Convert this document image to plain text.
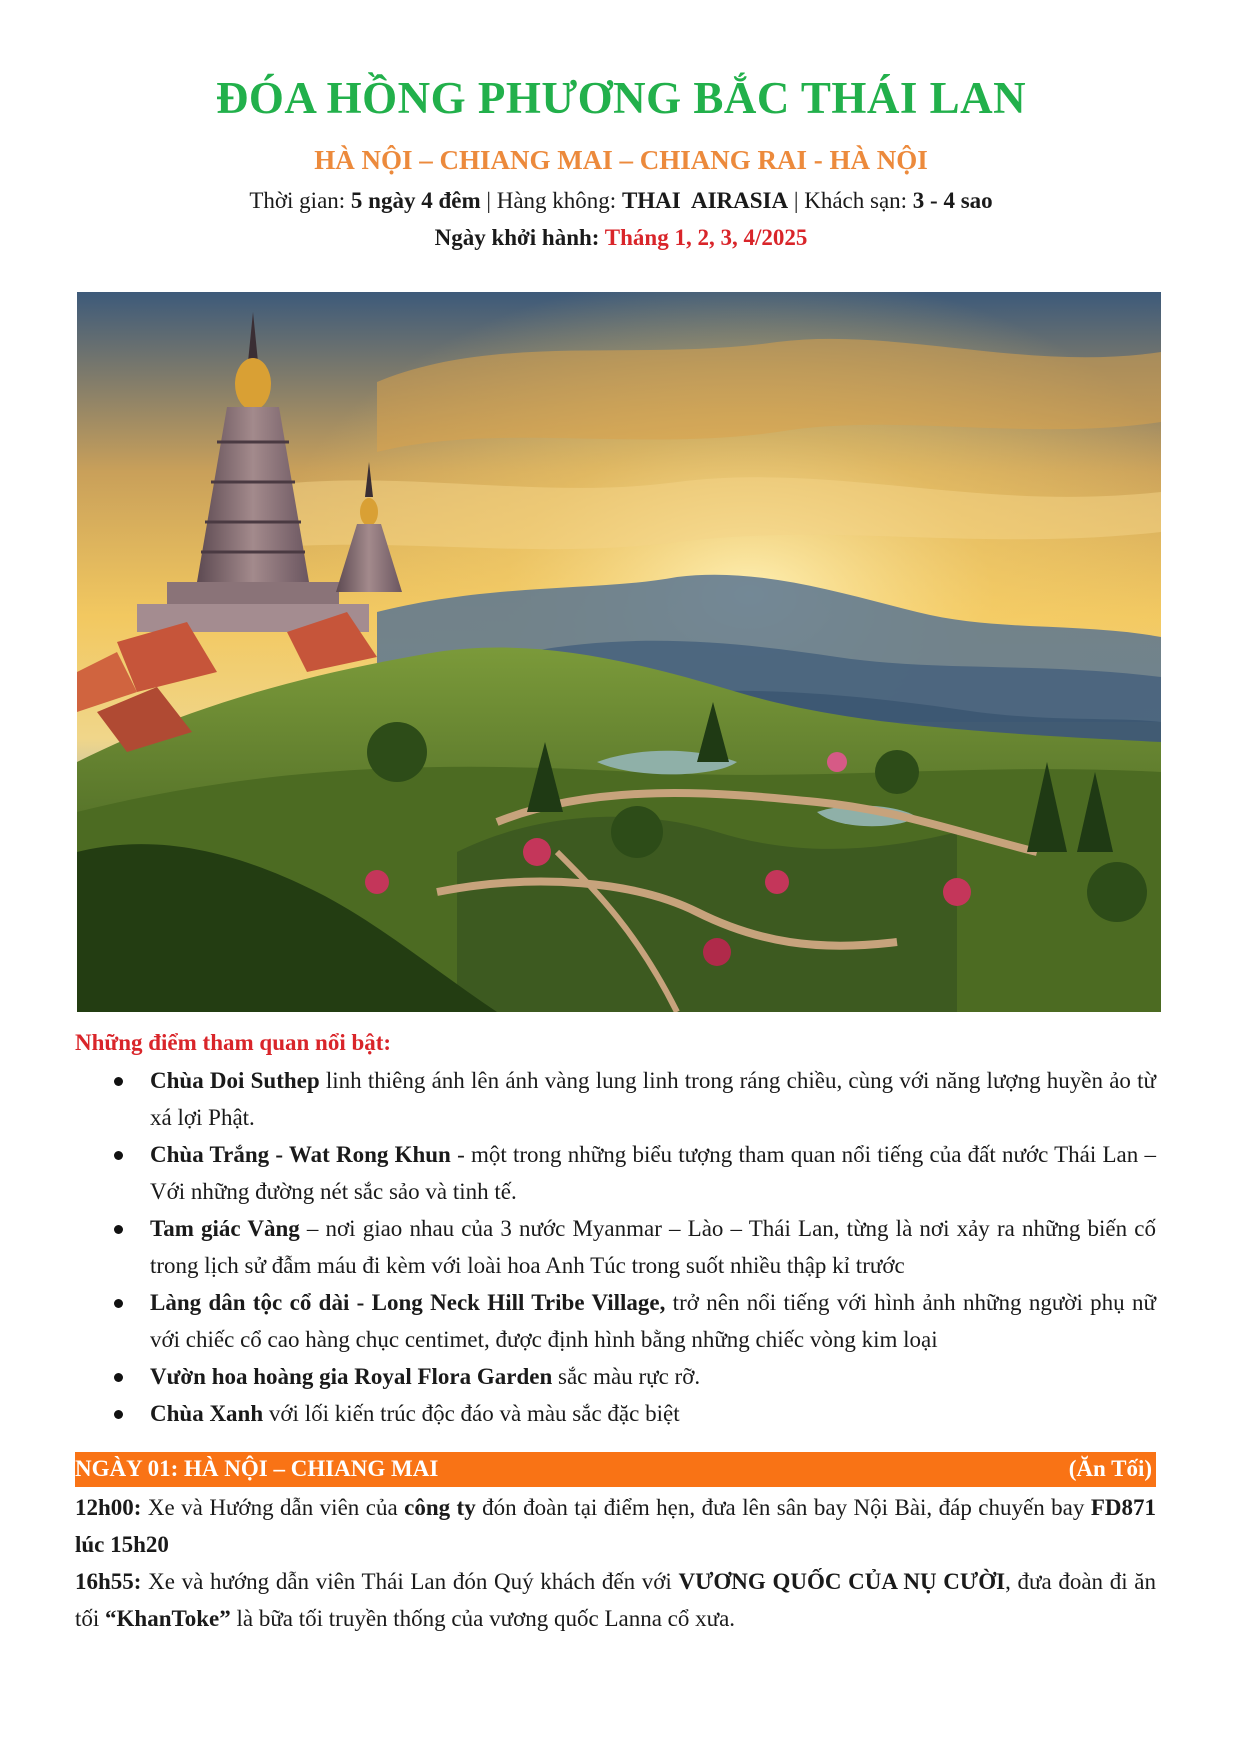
ĐÓA HỒNG PHƯƠNG BẮC THÁI LAN
HÀ NỘI – CHIANG MAI – CHIANG RAI - HÀ NỘI
Thời gian: 5 ngày 4 đêm | Hàng không: THAI  AIRASIA | Khách sạn: 3 - 4 sao
Ngày khởi hành: Tháng 1, 2, 3, 4/2025
Những điểm tham quan nổi bật:
Chùa Doi Suthep linh thiêng ánh lên ánh vàng lung linh trong ráng chiều, cùng với năng lượng huyền ảo từ xá lợi Phật.
Chùa Trắng - Wat Rong Khun - một trong những biểu tượng tham quan nổi tiếng của đất nước Thái Lan – Với những đường nét sắc sảo và tinh tế.
Tam giác Vàng – nơi giao nhau của 3 nước Myanmar – Lào – Thái Lan, từng là nơi xảy ra những biến cố trong lịch sử đẫm máu đi kèm với loài hoa Anh Túc trong suốt nhiều thập kỉ trước
Làng dân tộc cổ dài - Long Neck Hill Tribe Village, trở nên nổi tiếng với hình ảnh những người phụ nữ với chiếc cổ cao hàng chục centimet, được định hình bằng những chiếc vòng kim loại
Vườn hoa hoàng gia Royal Flora Garden sắc màu rực rỡ.
Chùa Xanh với lối kiến trúc độc đáo và màu sắc đặc biệt
NGÀY 01: HÀ NỘI – CHIANG MAI	(Ăn Tối)

12h00: Xe và Hướng dẫn viên của công ty đón đoàn tại điểm hẹn, đưa lên sân bay Nội Bài, đáp chuyến bay FD871 lúc 15h20

16h55: Xe và hướng dẫn viên Thái Lan đón Quý khách đến với VƯƠNG QUỐC CỦA NỤ CƯỜI, đưa đoàn đi ăn tối “KhanToke” là bữa tối truyền thống của vương quốc Lanna cổ xưa.
